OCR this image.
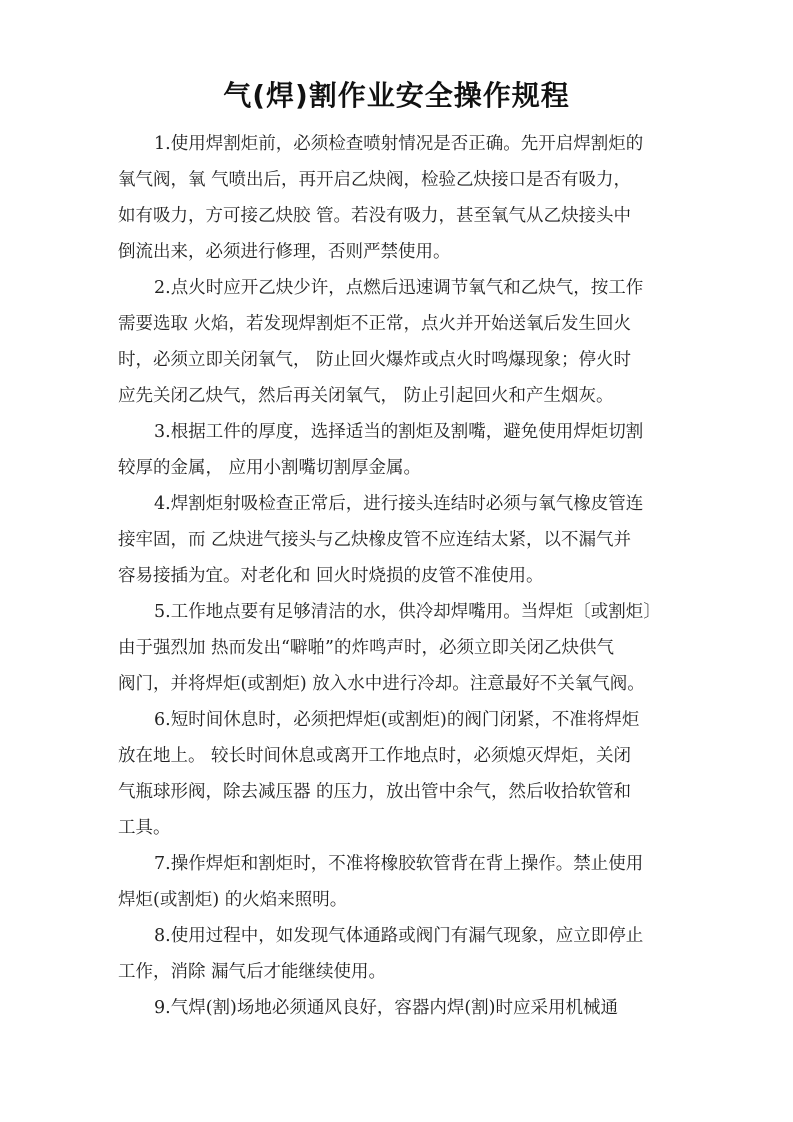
气(焊)割作业安全操作规程
1.使用焊割炬前，必须检查喷射情况是否正确。先开启焊割炬的
氧气阀，氧 气喷出后，再开启乙炔阀，检验乙炔接口是否有吸力，
如有吸力，方可接乙炔胶 管。若没有吸力，甚至氧气从乙炔接头中
倒流出来，必须进行修理，否则严禁使用。
2.点火时应开乙炔少许，点燃后迅速调节氧气和乙炔气，按工作
需要选取 火焰，若发现焊割炬不正常，点火并开始送氧后发生回火
时，必须立即关闭氧气， 防止回火爆炸或点火时鸣爆现象；停火时
应先关闭乙炔气，然后再关闭氧气， 防止引起回火和产生烟灰。
3.根据工件的厚度，选择适当的割炬及割嘴，避免使用焊炬切割
较厚的金属， 应用小割嘴切割厚金属。
4.焊割炬射吸检查正常后，进行接头连结时必须与氧气橡皮管连
接牢固，而 乙炔进气接头与乙炔橡皮管不应连结太紧，以不漏气并
容易接插为宜。对老化和 回火时烧损的皮管不准使用。
5.工作地点要有足够清洁的水，供冷却焊嘴用。当焊炬〔或割炬〕
由于强烈加 热而发出“噼啪”的炸鸣声时，必须立即关闭乙炔供气
阀门，并将焊炬(或割炬) 放入水中进行冷却。注意最好不关氧气阀。
6.短时间休息时，必须把焊炬(或割炬)的阀门闭紧，不准将焊炬
放在地上。 较长时间休息或离开工作地点时，必须熄灭焊炬，关闭
气瓶球形阀，除去减压器 的压力，放出管中余气，然后收拾软管和
工具。
7.操作焊炬和割炬时，不准将橡胶软管背在背上操作。禁止使用
焊炬(或割炬) 的火焰来照明。
8.使用过程中，如发现气体通路或阀门有漏气现象，应立即停止
工作，消除 漏气后才能继续使用。
9.气焊(割)场地必须通风良好，容器内焊(割)时应采用机械通
